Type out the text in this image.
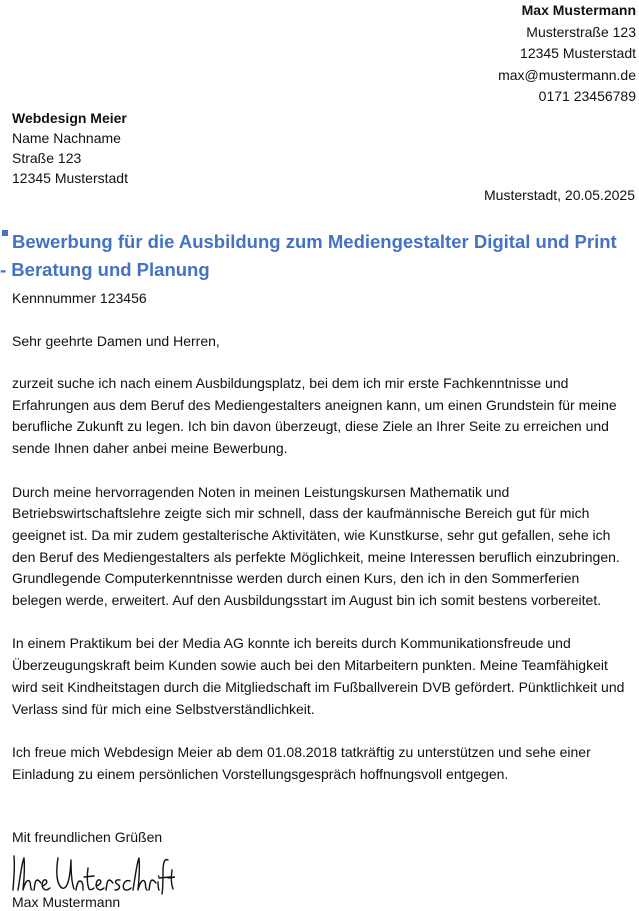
Max Mustermann
Musterstraße 123
12345 Musterstadt
max@mustermann.de
0171 23456789
Webdesign Meier
Name Nachname
Straße 123
12345 Musterstadt
Musterstadt, 20.05.2025
Bewerbung für die Ausbildung zum Mediengestalter Digital und Print
- Beratung und Planung
Kennnummer 123456
Sehr geehrte Damen und Herren,

zurzeit suche ich nach einem Ausbildungsplatz, bei dem ich mir erste Fachkenntnisse und Erfahrungen aus dem Beruf des Mediengestalters aneignen kann, um einen Grundstein für meine berufliche Zukunft zu legen. Ich bin davon überzeugt, diese Ziele an Ihrer Seite zu erreichen und sende Ihnen daher anbei meine Bewerbung.

Durch meine hervorragenden Noten in meinen Leistungskursen Mathematik und Betriebswirtschaftslehre zeigte sich mir schnell, dass der kaufmännische Bereich gut für mich geeignet ist. Da mir zudem gestalterische Aktivitäten, wie Kunstkurse, sehr gut gefallen, sehe ich den Beruf des Mediengestalters als perfekte Möglichkeit, meine Interessen beruflich einzubringen. Grundlegende Computerkenntnisse werden durch einen Kurs, den ich in den Sommerferien belegen werde, erweitert. Auf den Ausbildungsstart im August bin ich somit bestens vorbereitet.

In einem Praktikum bei der Media AG konnte ich bereits durch Kommunikationsfreude und Überzeugungskraft beim Kunden sowie auch bei den Mitarbeitern punkten. Meine Teamfähigkeit wird seit Kindheitstagen durch die Mitgliedschaft im Fußballverein DVB gefördert. Pünktlichkeit und Verlass sind für mich eine Selbstverständlichkeit.

Ich freue mich Webdesign Meier ab dem 01.08.2018 tatkräftig zu unterstützen und sehe einer Einladung zu einem persönlichen Vorstellungsgespräch hoffnungsvoll entgegen.

Mit freundlichen Grüßen
Max Mustermann
